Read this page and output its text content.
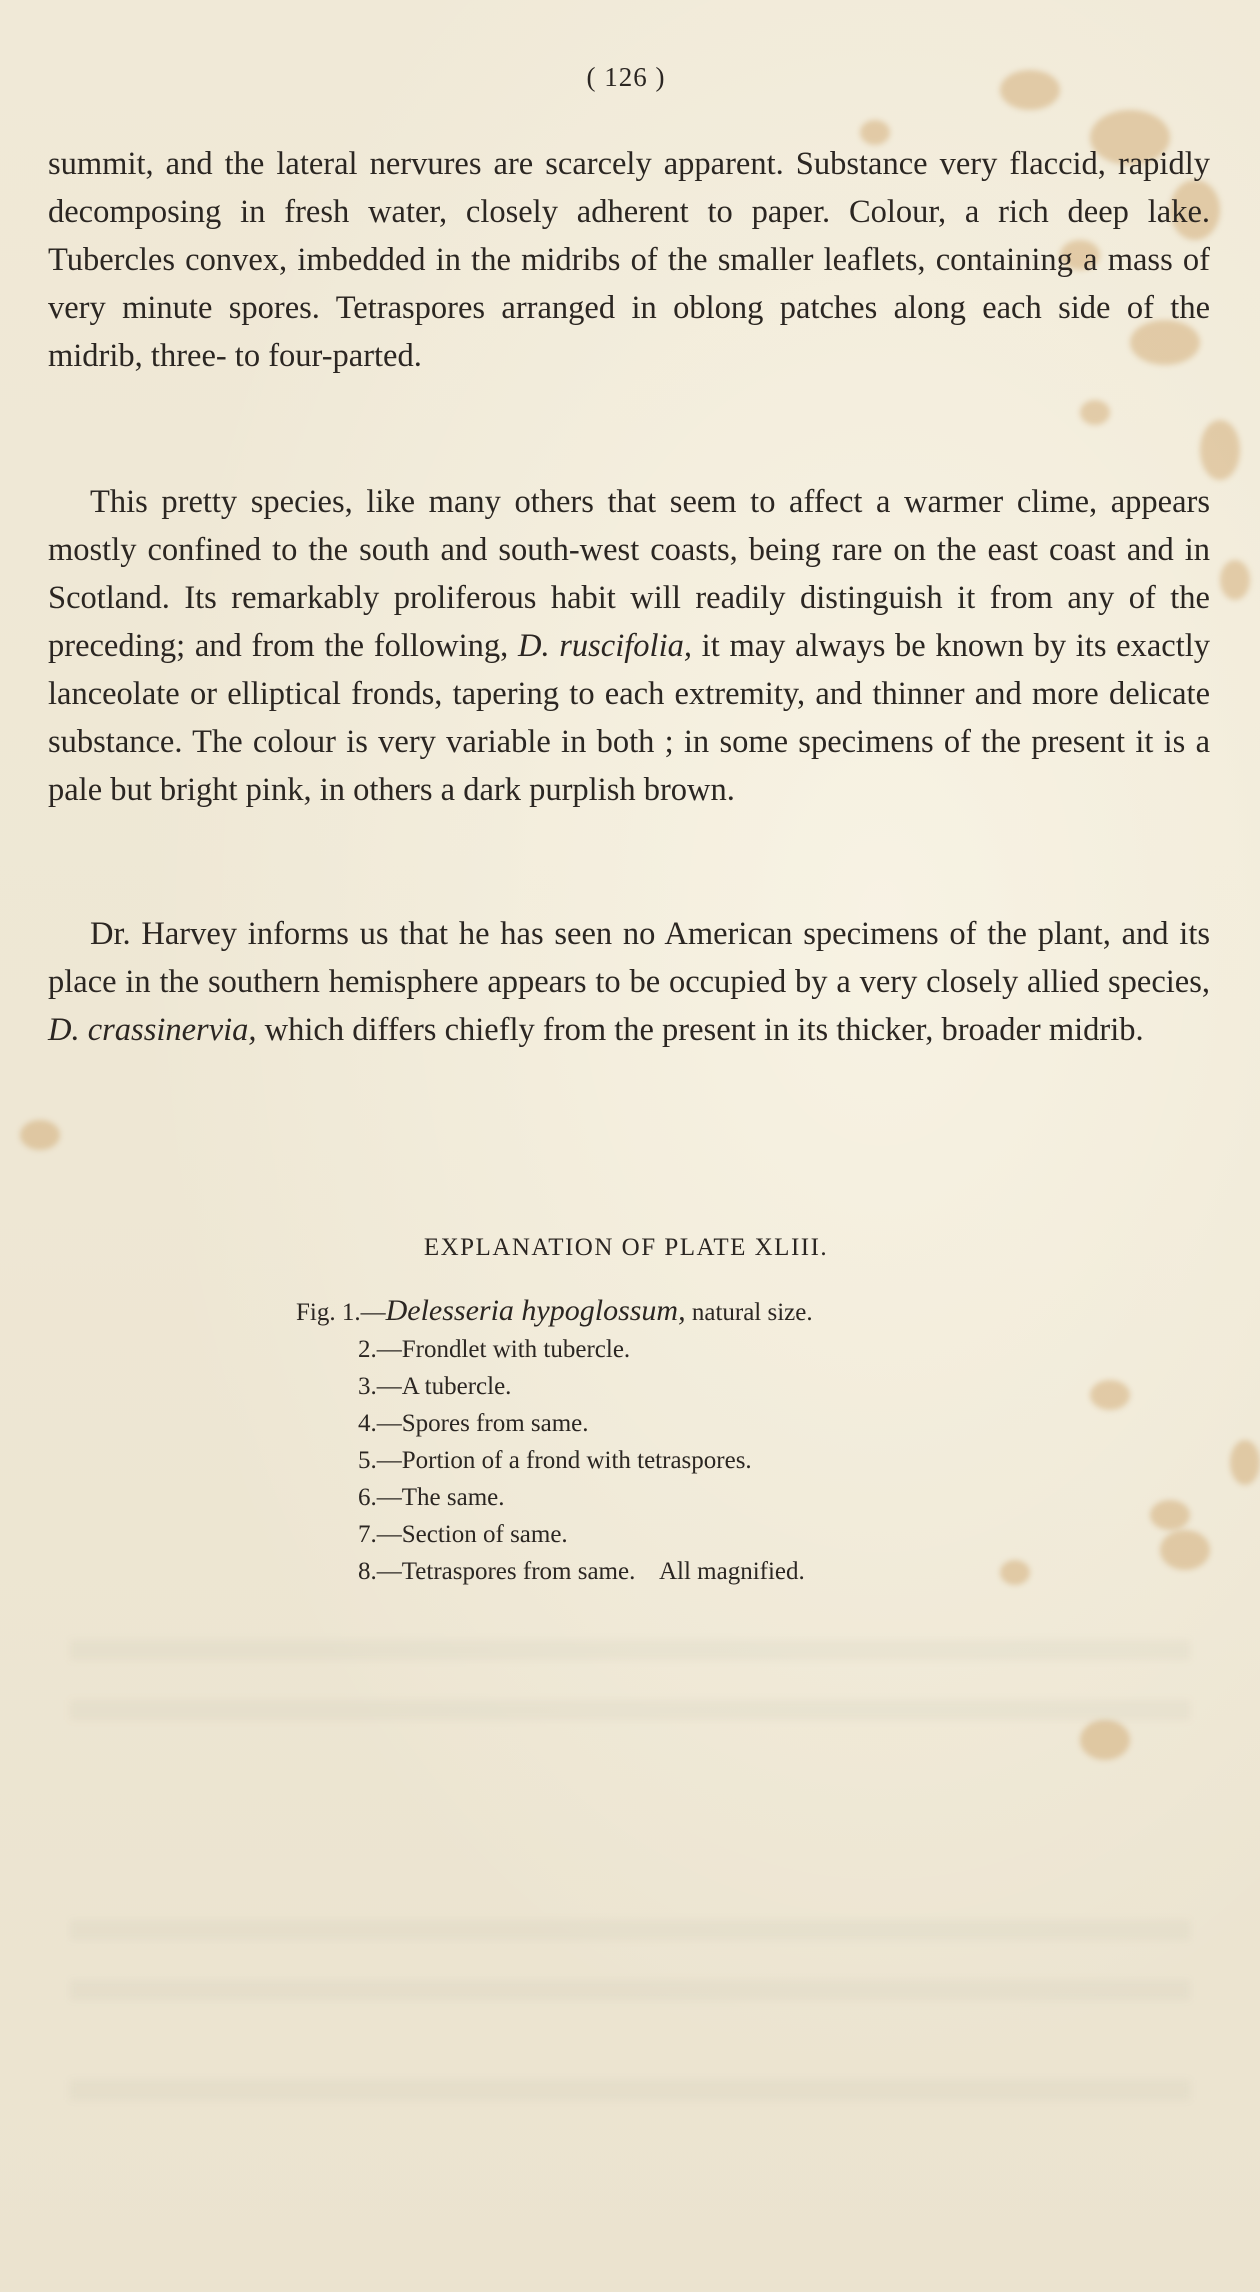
( 126 )

summit, and the lateral nervures are scarcely apparent. Substance very flaccid, rapidly decomposing in fresh water, closely adherent to paper. Colour, a rich deep lake. Tubercles convex, imbedded in the midribs of the smaller leaflets, containing a mass of very minute spores. Tetraspores arranged in oblong patches along each side of the midrib, three- to four-parted.

This pretty species, like many others that seem to affect a warmer clime, appears mostly confined to the south and south-west coasts, being rare on the east coast and in Scotland. Its remarkably proliferous habit will readily distinguish it from any of the preceding; and from the following, D. ruscifolia, it may always be known by its exactly lanceolate or elliptical fronds, tapering to each extremity, and thinner and more delicate substance. The colour is very variable in both ; in some specimens of the present it is a pale but bright pink, in others a dark purplish brown.

Dr. Harvey informs us that he has seen no American specimens of the plant, and its place in the southern hemisphere appears to be occupied by a very closely allied species, D. crassinervia, which differs chiefly from the present in its thicker, broader midrib.

EXPLANATION OF PLATE XLIII.
Fig. 1.—Delesseria hypoglossum, natural size.
2.—Frondlet with tubercle.
3.—A tubercle.
4.—Spores from same.
5.—Portion of a frond with tetraspores.
6.—The same.
7.—Section of same.
8.—Tetraspores from same.    All magnified.
